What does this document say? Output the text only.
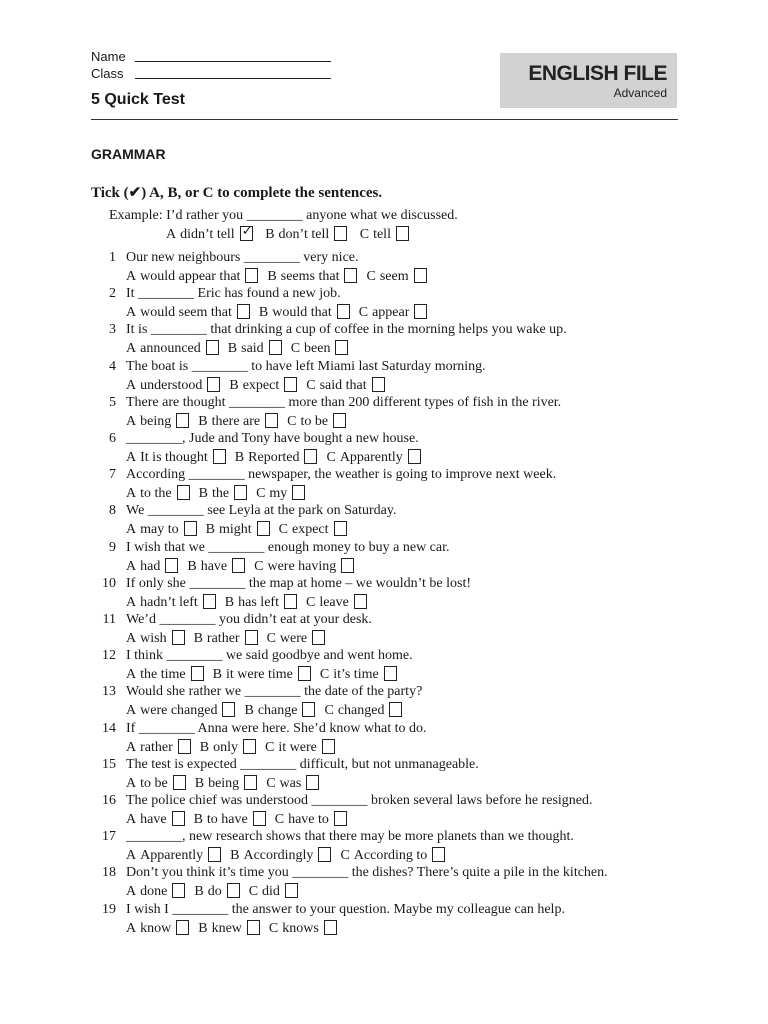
Name
Class
5 Quick Test
ENGLISH FILE
Advanced
GRAMMAR
Tick (✔) A, B, or C to complete the sentences.
Example: I’d rather you ________ anyone what we discussed.
A didn’t tell✓ B don’t tell C tell
1 Our new neighbours ________ very nice.
A would appear that B seems that C seem
2 It ________ Eric has found a new job.
A would seem that B would that C appear
3 It is ________ that drinking a cup of coffee in the morning helps you wake up.
A announced B said C been
4 The boat is ________ to have left Miami last Saturday morning.
A understood B expect C said that
5 There are thought ________ more than 200 different types of fish in the river.
A being B there are C to be
6 ________, Jude and Tony have bought a new house.
A It is thought B Reported C Apparently
7 According ________ newspaper, the weather is going to improve next week.
A to the B the C my
8 We ________ see Leyla at the park on Saturday.
A may to B might C expect
9 I wish that we ________ enough money to buy a new car.
A had B have C were having
10 If only she ________ the map at home – we wouldn’t be lost!
A hadn’t left B has left C leave
11 We’d ________ you didn’t eat at your desk.
A wish B rather C were
12 I think ________ we said goodbye and went home.
A the time B it were time C it’s time
13 Would she rather we ________ the date of the party?
A were changed B change C changed
14 If ________ Anna were here. She’d know what to do.
A rather B only C it were
15 The test is expected ________ difficult, but not unmanageable.
A to be B being C was
16 The police chief was understood ________ broken several laws before he resigned.
A have B to have C have to
17 ________, new research shows that there may be more planets than we thought.
A Apparently B Accordingly C According to
18 Don’t you think it’s time you ________ the dishes? There’s quite a pile in the kitchen.
A done B do C did
19 I wish I ________ the answer to your question. Maybe my colleague can help.
A know B knew C knows
